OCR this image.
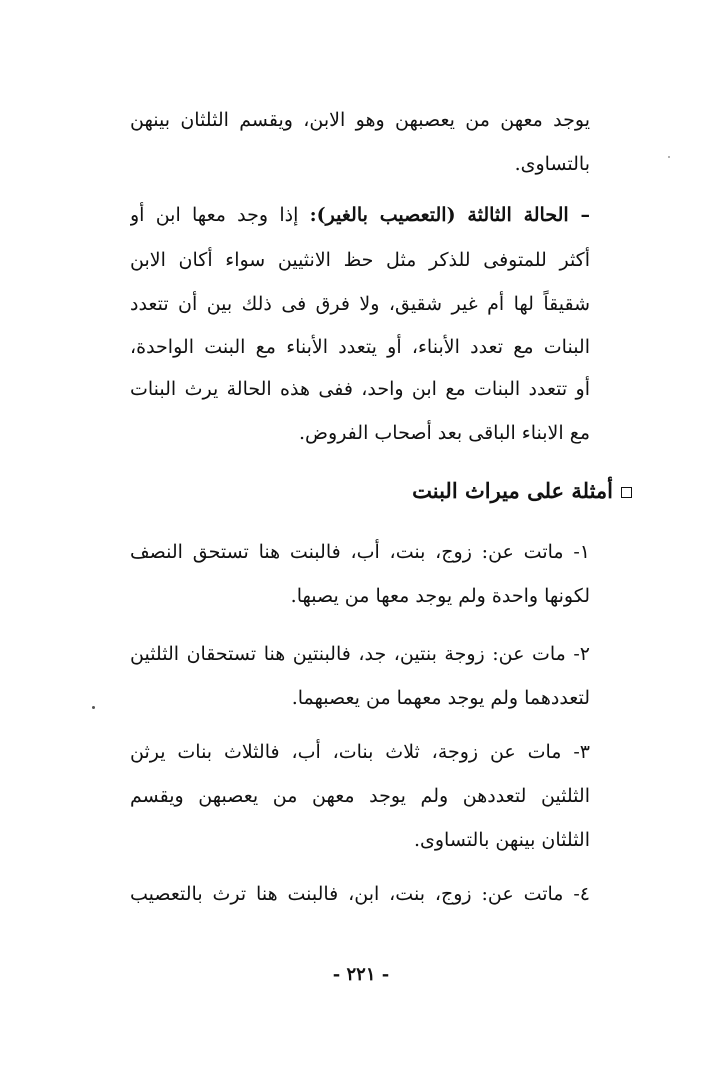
يوجد معهن من يعصبهن وهو الابن، ويقسم الثلثان بينهن
بالتساوى.
– الحالة الثالثة (التعصيب بالغير): إذا وجد معها ابن أو
أكثر للمتوفى للذكر مثل حظ الانثيين سواء أكان الابن
شقيقاً لها أم غير شقيق، ولا فرق فى ذلك بين أن تتعدد
البنات مع تعدد الأبناء، أو يتعدد الأبناء مع البنت الواحدة،
أو تتعدد البنات مع ابن واحد، ففى هذه الحالة يرث البنات
مع الابناء الباقى بعد أصحاب الفروض.
أمثلة على ميراث البنت
١- ماتت عن: زوج، بنت، أب، فالبنت هنا تستحق النصف
لكونها واحدة ولم يوجد معها من يصبها.
٢- مات عن: زوجة بنتين، جد، فالبنتين هنا تستحقان الثلثين
لتعددهما ولم يوجد معهما من يعصبهما.
٣- مات عن زوجة، ثلاث بنات، أب، فالثلاث بنات يرثن
الثلثين لتعددهن ولم يوجد معهن من يعصبهن ويقسم
الثلثان بينهن بالتساوى.
٤- ماتت عن: زوج، بنت، ابن، فالبنت هنا ترث بالتعصيب
- ٢٢١ -
